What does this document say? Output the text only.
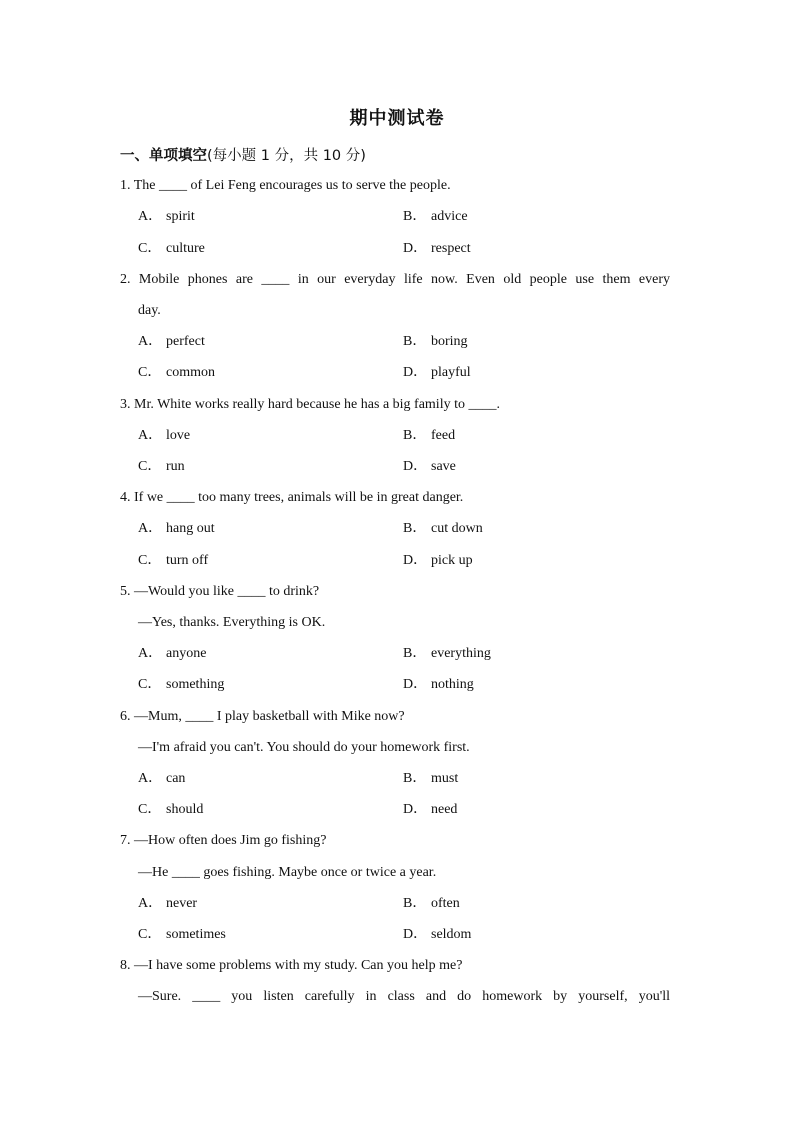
期中测试卷
一、单项填空(每小题 1 分，共 10 分)
1. The ____ of Lei Feng encourages us to serve the people.
A． spirit	B． advice
C． culture	D． respect
2. Mobile phones are ____ in our everyday life now. Even old people use them every
day.
A． perfect	B． boring
C． common	D． playful
3. Mr. White works really hard because he has a big family to ____.
A． love	B． feed
C． run	D． save
4. If we ____ too many trees, animals will be in great danger.
A． hang out	B． cut down
C． turn off	D． pick up
5. —Would you like ____ to drink?
—Yes, thanks. Everything is OK.
A． anyone	B． everything
C． something	D． nothing
6. —Mum, ____ I play basketball with Mike now?
—I'm afraid you can't. You should do your homework first.
A． can	B． must
C． should	D． need
7. —How often does Jim go fishing?
—He ____ goes fishing. Maybe once or twice a year.
A． never	B． often
C． sometimes	D． seldom
8. —I have some problems with my study. Can you help me?
—Sure. ____ you listen carefully in class and do homework by yourself, you'll
